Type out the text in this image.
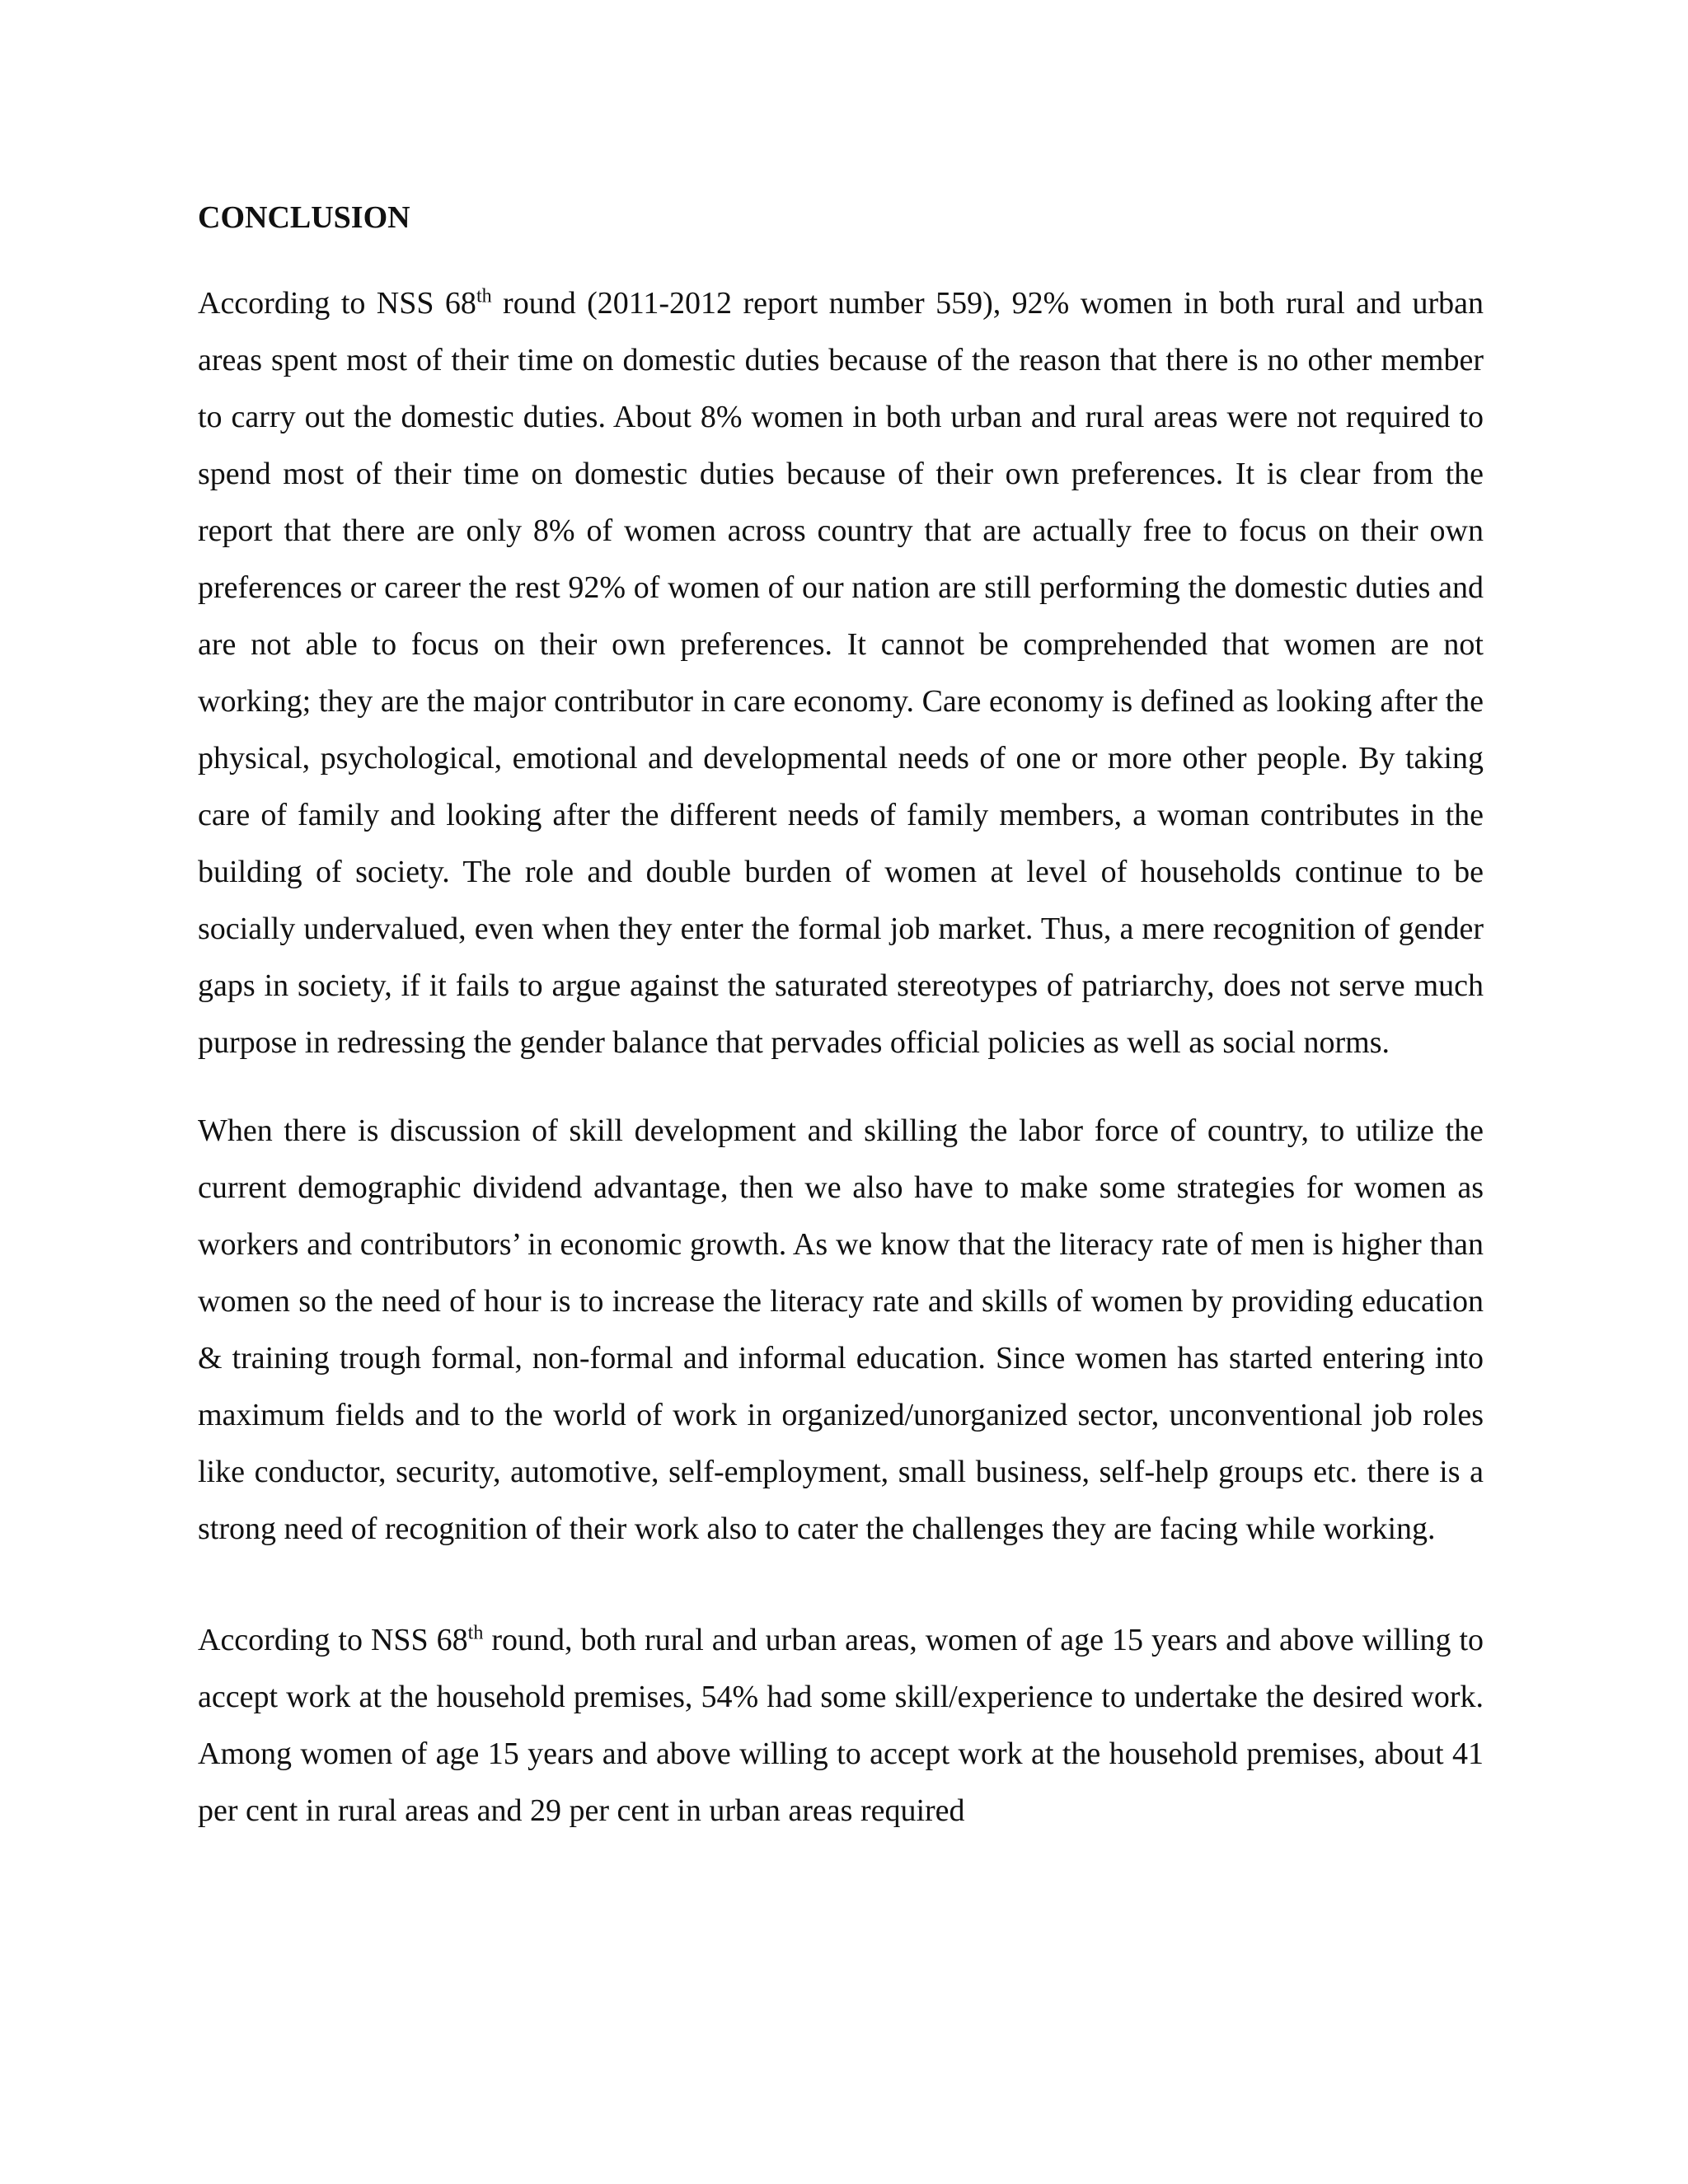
CONCLUSION

According to NSS 68th round (2011-2012 report number 559), 92% women in both rural and urban areas spent most of their time on domestic duties because of the reason that there is no other member to carry out the domestic duties. About 8% women in both urban and rural areas were not required to spend most of their time on domestic duties because of their own preferences. It is clear from the report that there are only 8% of women across country that are actually free to focus on their own preferences or career the rest 92% of women of our nation are still performing the domestic duties and are not able to focus on their own preferences. It cannot be comprehended that women are not working; they are the major contributor in care economy. Care economy is defined as looking after the physical, psychological, emotional and developmental needs of one or more other people. By taking care of family and looking after the different needs of family members, a woman contributes in the building of society. The role and double burden of women at level of households continue to be socially undervalued, even when they enter the formal job market. Thus, a mere recognition of gender gaps in society, if it fails to argue against the saturated stereotypes of patriarchy, does not serve much purpose in redressing the gender balance that pervades official policies as well as social norms.

When there is discussion of skill development and skilling the labor force of country, to utilize the current demographic dividend advantage, then we also have to make some strategies for women as workers and contributors’ in economic growth. As we know that the literacy rate of men is higher than women so the need of hour is to increase the literacy rate and skills of women by providing education & training trough formal, non-formal and informal education. Since women has started entering into maximum fields and to the world of work in organized/unorganized sector, unconventional job roles like conductor, security, automotive, self-employment, small business, self-help groups etc. there is a strong need of recognition of their work also to cater the challenges they are facing while working.

According to NSS 68th round, both rural and urban areas, women of age 15 years and above willing to accept work at the household premises, 54% had some skill/experience to undertake the desired work. Among women of age 15 years and above willing to accept work at the household premises, about 41 per cent in rural areas and 29 per cent in urban areas required
